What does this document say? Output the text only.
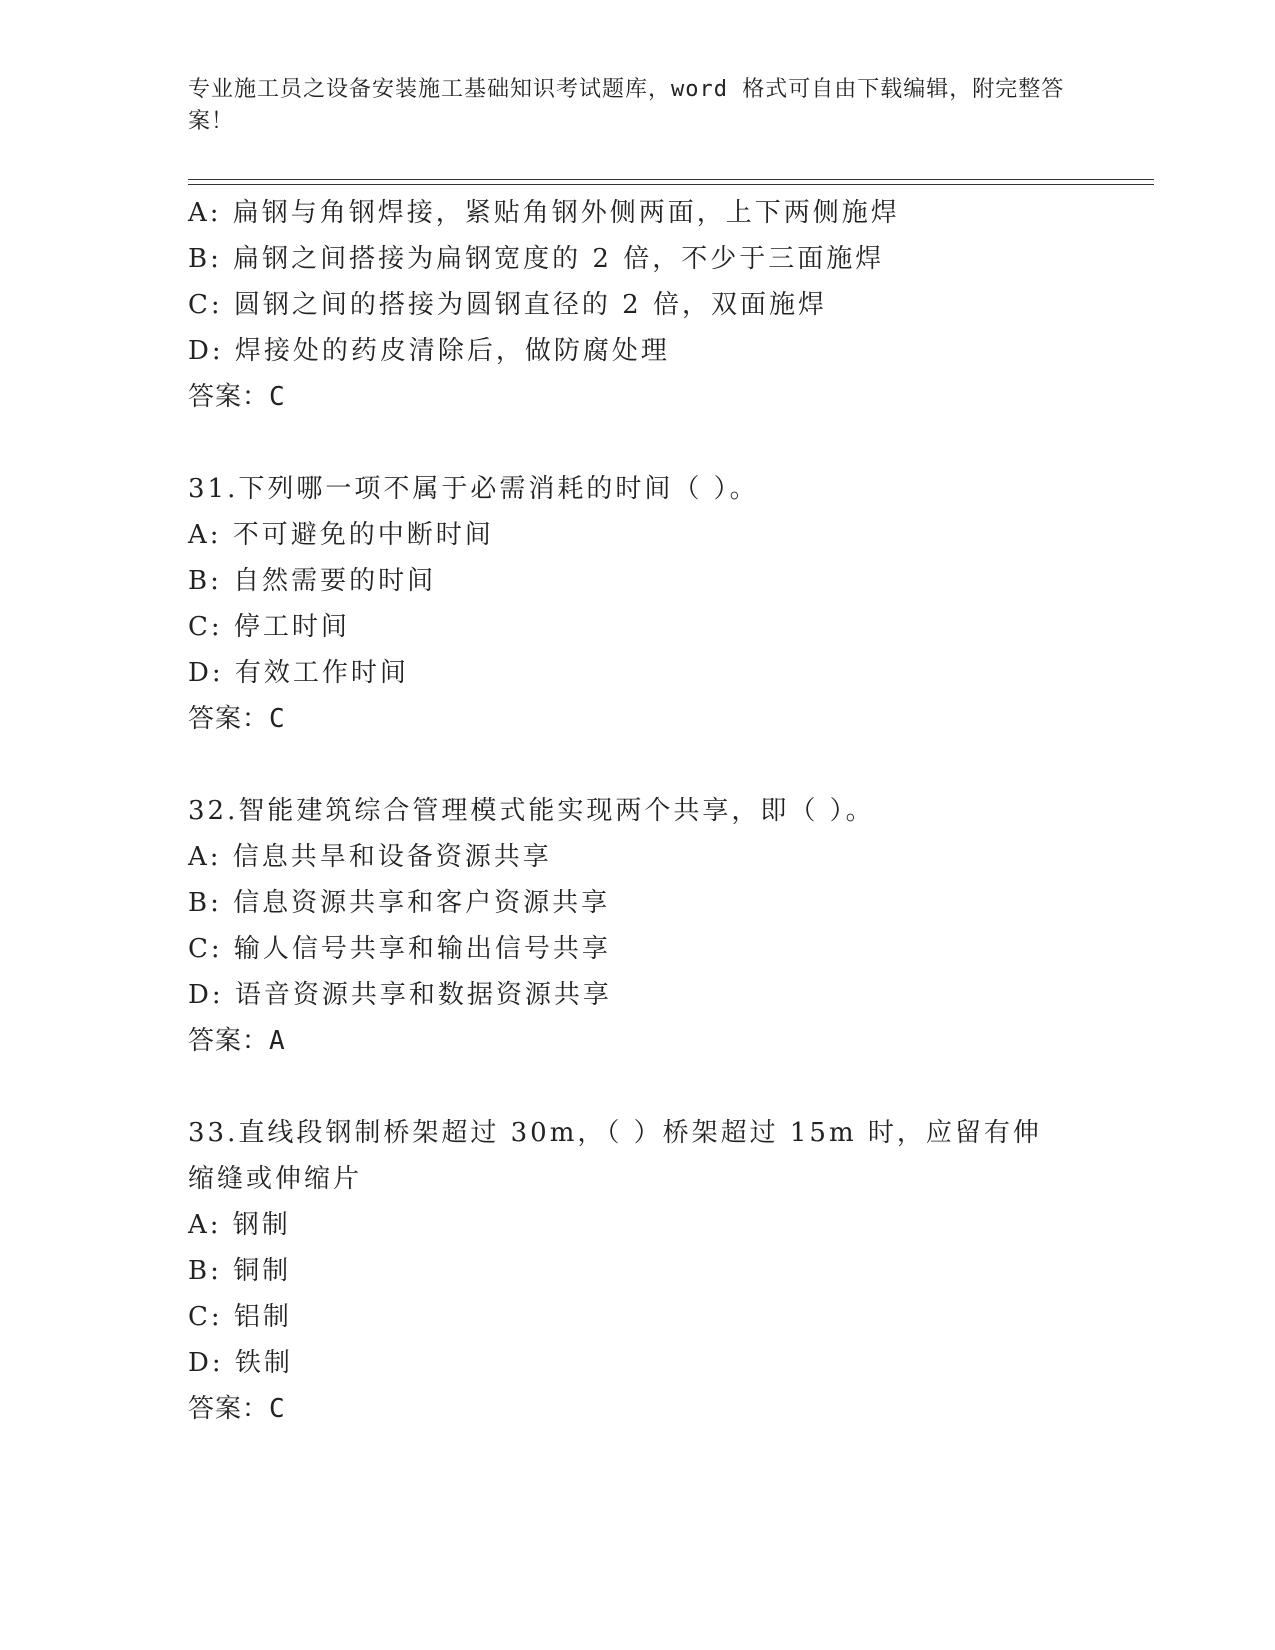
专业施工员之设备安装施工基础知识考试题库，word 格式可自由下载编辑，附完整答案！
A: 扁钢与角钢焊接，紧贴角钢外侧两面，上下两侧施焊
B: 扁钢之间搭接为扁钢宽度的 2 倍，不少于三面施焊
C: 圆钢之间的搭接为圆钢直径的 2 倍，双面施焊
D: 焊接处的药皮清除后，做防腐处理
答案：C
31.下列哪一项不属于必需消耗的时间（ ）。
A: 不可避免的中断时间
B: 自然需要的时间
C: 停工时间
D: 有效工作时间
答案：C
32.智能建筑综合管理模式能实现两个共享，即（ ）。
A: 信息共旱和设备资源共享
B: 信息资源共享和客户资源共享
C: 输人信号共享和输出信号共享
D: 语音资源共享和数据资源共享
答案：A
33.直线段钢制桥架超过 30m，（ ）桥架超过 15m 时，应留有伸缩缝或伸缩片
A: 钢制
B: 铜制
C: 铝制
D: 铁制
答案：C
